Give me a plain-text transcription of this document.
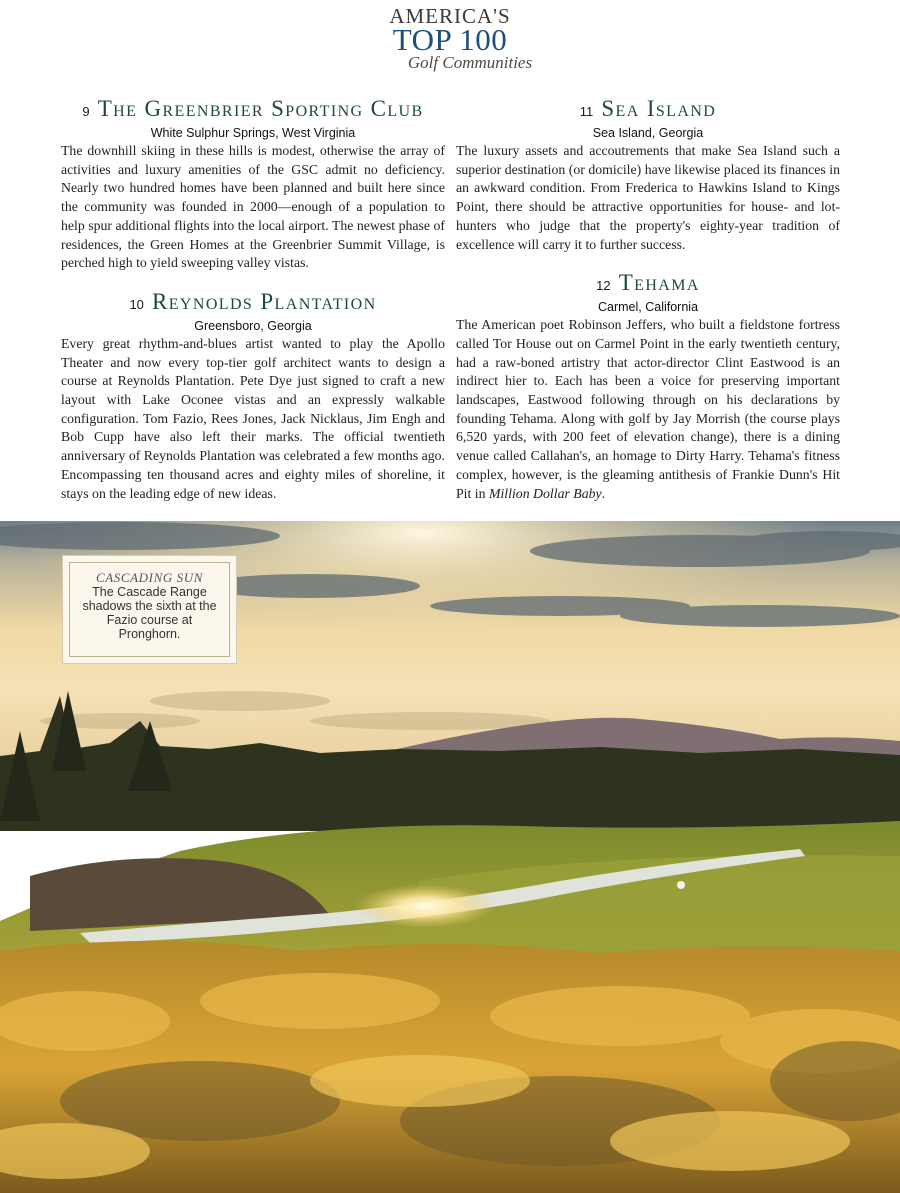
AMERICA'S
TOP 100
Golf Communities
9 The Greenbrier Sporting Club
White Sulphur Springs, West Virginia

The downhill skiing in these hills is modest, otherwise the array of activities and luxury amenities of the GSC admit no deficiency. Nearly two hundred homes have been planned and built here since the community was founded in 2000—enough of a population to help spur additional flights into the local airport. The newest phase of residences, the Green Homes at the Greenbrier Summit Village, is perched high to yield sweeping valley vistas.

10 Reynolds Plantation
Greensboro, Georgia

Every great rhythm-and-blues artist wanted to play the Apollo Theater and now every top-tier golf architect wants to design a course at Reynolds Plantation. Pete Dye just signed to craft a new layout with Lake Oconee vistas and an expressly walkable configuration. Tom Fazio, Rees Jones, Jack Nicklaus, Jim Engh and Bob Cupp have also left their marks. The official twentieth anniversary of Reynolds Plantation was celebrated a few months ago. Encompassing ten thousand acres and eighty miles of shoreline, it stays on the leading edge of new ideas.

11 Sea Island
Sea Island, Georgia

The luxury assets and accoutrements that make Sea Island such a superior destination (or domicile) have likewise placed its finances in an awkward condition. From Frederica to Hawkins Island to Kings Point, there should be attractive opportunities for house- and lot-hunters who judge that the property's eighty-year tradition of excellence will carry it to further success.

12 Tehama
Carmel, California

The American poet Robinson Jeffers, who built a fieldstone fortress called Tor House out on Carmel Point in the early twentieth century, had a raw-boned artistry that actor-director Clint Eastwood is an indirect hier to. Each has been a voice for preserving important landscapes, Eastwood following through on his declarations by founding Tehama. Along with golf by Jay Morrish (the course plays 6,520 yards, with 200 feet of elevation change), there is a dining venue called Callahan's, an homage to Dirty Harry. Tehama's fitness complex, however, is the gleaming antithesis of Frankie Dunn's Hit Pit in Million Dollar Baby.

CASCADING SUN
The Cascade Range shadows the sixth at the Fazio course at Pronghorn.
